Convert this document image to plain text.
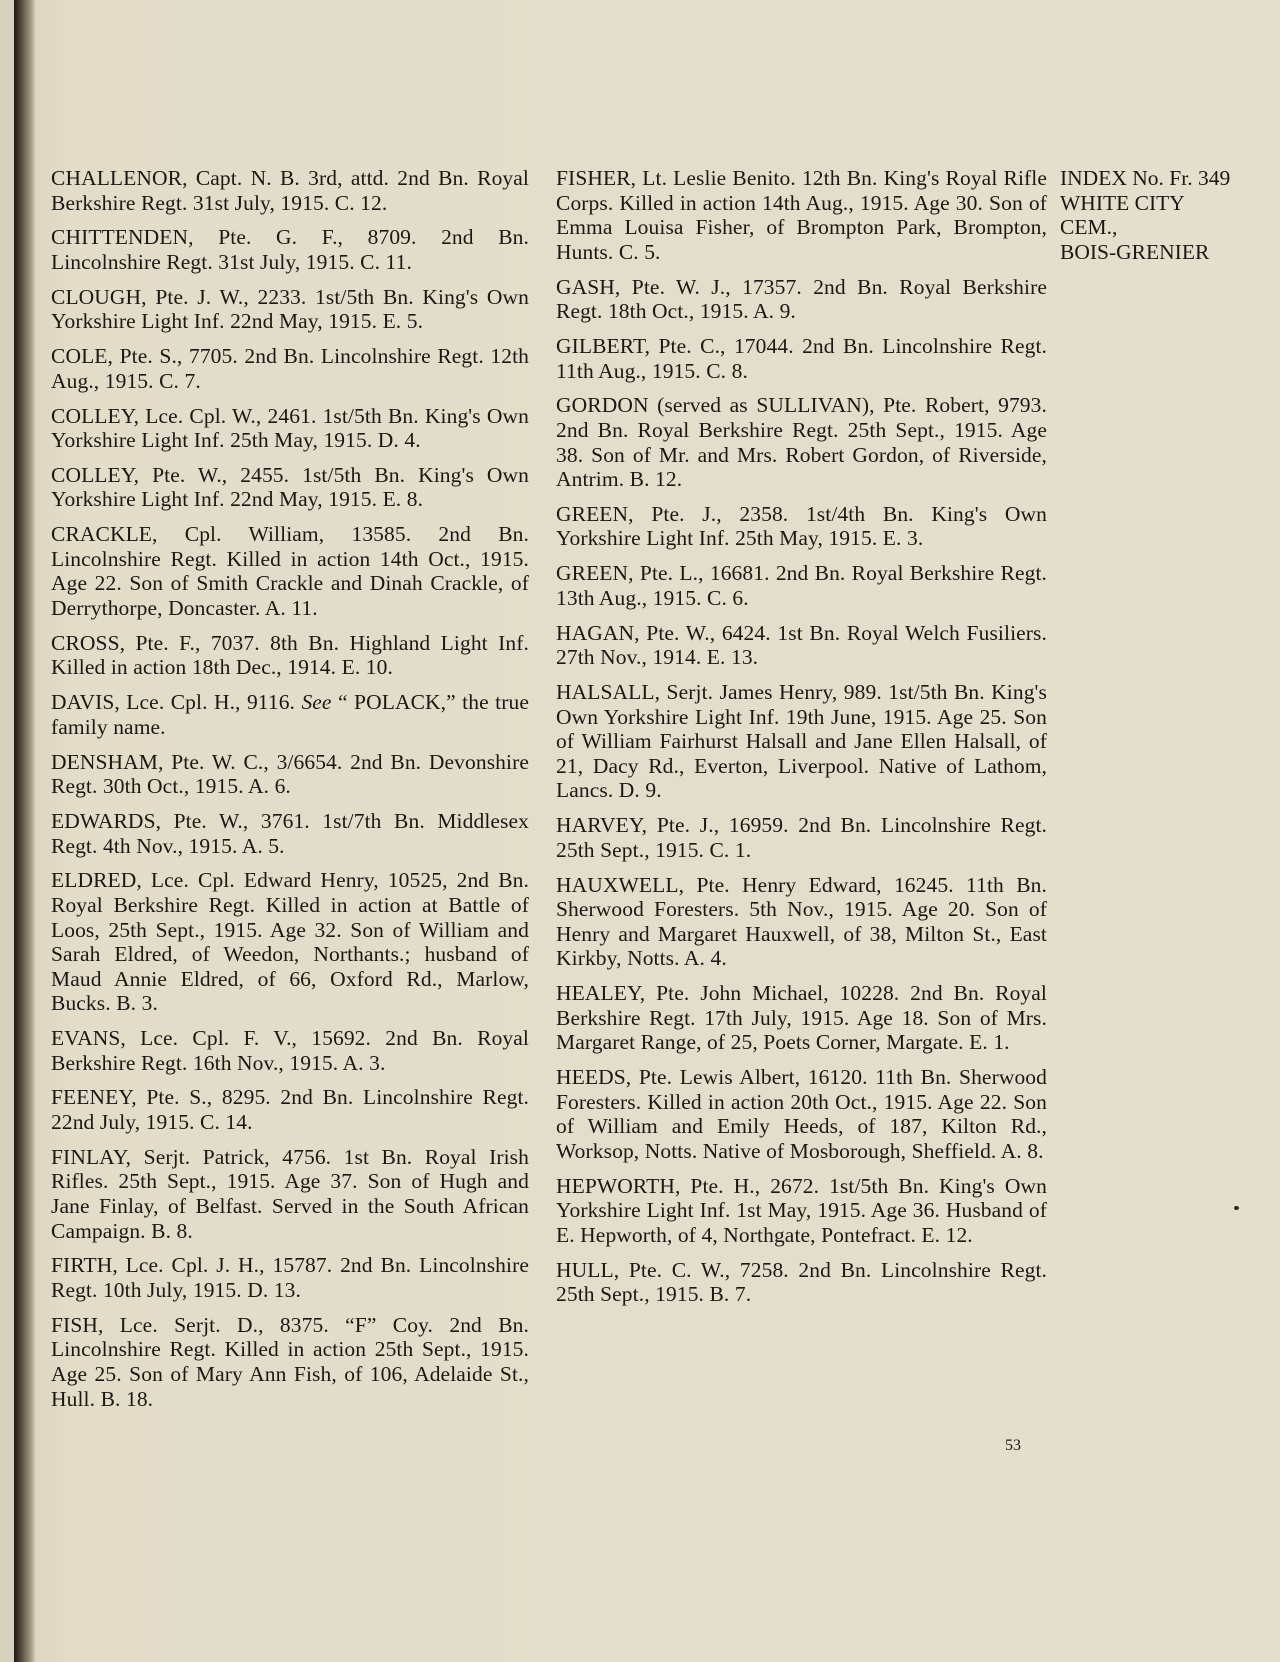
CHALLENOR, Capt. N. B. 3rd, attd. 2nd Bn. Royal Berkshire Regt. 31st July, 1915. C. 12.

CHITTENDEN, Pte. G. F., 8709. 2nd Bn. Lincolnshire Regt. 31st July, 1915. C. 11.

CLOUGH, Pte. J. W., 2233. 1st/5th Bn. King's Own Yorkshire Light Inf. 22nd May, 1915. E. 5.

COLE, Pte. S., 7705. 2nd Bn. Lincolnshire Regt. 12th Aug., 1915. C. 7.

COLLEY, Lce. Cpl. W., 2461. 1st/5th Bn. King's Own Yorkshire Light Inf. 25th May, 1915. D. 4.

COLLEY, Pte. W., 2455. 1st/5th Bn. King's Own Yorkshire Light Inf. 22nd May, 1915. E. 8.

CRACKLE, Cpl. William, 13585. 2nd Bn. Lincolnshire Regt. Killed in action 14th Oct., 1915. Age 22. Son of Smith Crackle and Dinah Crackle, of Derrythorpe, Doncaster. A. 11.

CROSS, Pte. F., 7037. 8th Bn. Highland Light Inf. Killed in action 18th Dec., 1914. E. 10.

DAVIS, Lce. Cpl. H., 9116. See “ POLACK,” the true family name.

DENSHAM, Pte. W. C., 3/6654. 2nd Bn. Devonshire Regt. 30th Oct., 1915. A. 6.

EDWARDS, Pte. W., 3761. 1st/7th Bn. Middlesex Regt. 4th Nov., 1915. A. 5.

ELDRED, Lce. Cpl. Edward Henry, 10525, 2nd Bn. Royal Berkshire Regt. Killed in action at Battle of Loos, 25th Sept., 1915. Age 32. Son of William and Sarah Eldred, of Weedon, Northants.; husband of Maud Annie Eldred, of 66, Oxford Rd., Marlow, Bucks. B. 3.

EVANS, Lce. Cpl. F. V., 15692. 2nd Bn. Royal Berkshire Regt. 16th Nov., 1915. A. 3.

FEENEY, Pte. S., 8295. 2nd Bn. Lincolnshire Regt. 22nd July, 1915. C. 14.

FINLAY, Serjt. Patrick, 4756. 1st Bn. Royal Irish Rifles. 25th Sept., 1915. Age 37. Son of Hugh and Jane Finlay, of Belfast. Served in the South African Campaign. B. 8.

FIRTH, Lce. Cpl. J. H., 15787. 2nd Bn. Lincolnshire Regt. 10th July, 1915. D. 13.

FISH, Lce. Serjt. D., 8375. “F” Coy. 2nd Bn. Lincolnshire Regt. Killed in action 25th Sept., 1915. Age 25. Son of Mary Ann Fish, of 106, Adelaide St., Hull. B. 18.

FISHER, Lt. Leslie Benito. 12th Bn. King's Royal Rifle Corps. Killed in action 14th Aug., 1915. Age 30. Son of Emma Louisa Fisher, of Brompton Park, Brompton, Hunts. C. 5.

GASH, Pte. W. J., 17357. 2nd Bn. Royal Berkshire Regt. 18th Oct., 1915. A. 9.

GILBERT, Pte. C., 17044. 2nd Bn. Lincolnshire Regt. 11th Aug., 1915. C. 8.

GORDON (served as SULLIVAN), Pte. Robert, 9793. 2nd Bn. Royal Berkshire Regt. 25th Sept., 1915. Age 38. Son of Mr. and Mrs. Robert Gordon, of Riverside, Antrim. B. 12.

GREEN, Pte. J., 2358. 1st/4th Bn. King's Own Yorkshire Light Inf. 25th May, 1915. E. 3.

GREEN, Pte. L., 16681. 2nd Bn. Royal Berkshire Regt. 13th Aug., 1915. C. 6.

HAGAN, Pte. W., 6424. 1st Bn. Royal Welch Fusiliers. 27th Nov., 1914. E. 13.

HALSALL, Serjt. James Henry, 989. 1st/5th Bn. King's Own Yorkshire Light Inf. 19th June, 1915. Age 25. Son of William Fairhurst Halsall and Jane Ellen Halsall, of 21, Dacy Rd., Everton, Liverpool. Native of Lathom, Lancs. D. 9.

HARVEY, Pte. J., 16959. 2nd Bn. Lincolnshire Regt. 25th Sept., 1915. C. 1.

HAUXWELL, Pte. Henry Edward, 16245. 11th Bn. Sherwood Foresters. 5th Nov., 1915. Age 20. Son of Henry and Margaret Hauxwell, of 38, Milton St., East Kirkby, Notts. A. 4.

HEALEY, Pte. John Michael, 10228. 2nd Bn. Royal Berkshire Regt. 17th July, 1915. Age 18. Son of Mrs. Margaret Range, of 25, Poets Corner, Margate. E. 1.

HEEDS, Pte. Lewis Albert, 16120. 11th Bn. Sherwood Foresters. Killed in action 20th Oct., 1915. Age 22. Son of William and Emily Heeds, of 187, Kilton Rd., Worksop, Notts. Native of Mosborough, Sheffield. A. 8.

HEPWORTH, Pte. H., 2672. 1st/5th Bn. King's Own Yorkshire Light Inf. 1st May, 1915. Age 36. Husband of E. Hepworth, of 4, Northgate, Pontefract. E. 12.

HULL, Pte. C. W., 7258. 2nd Bn. Lincolnshire Regt. 25th Sept., 1915. B. 7.

INDEX No. Fr. 349
WHITE CITY
CEM.,
BOIS-GRENIER
53
